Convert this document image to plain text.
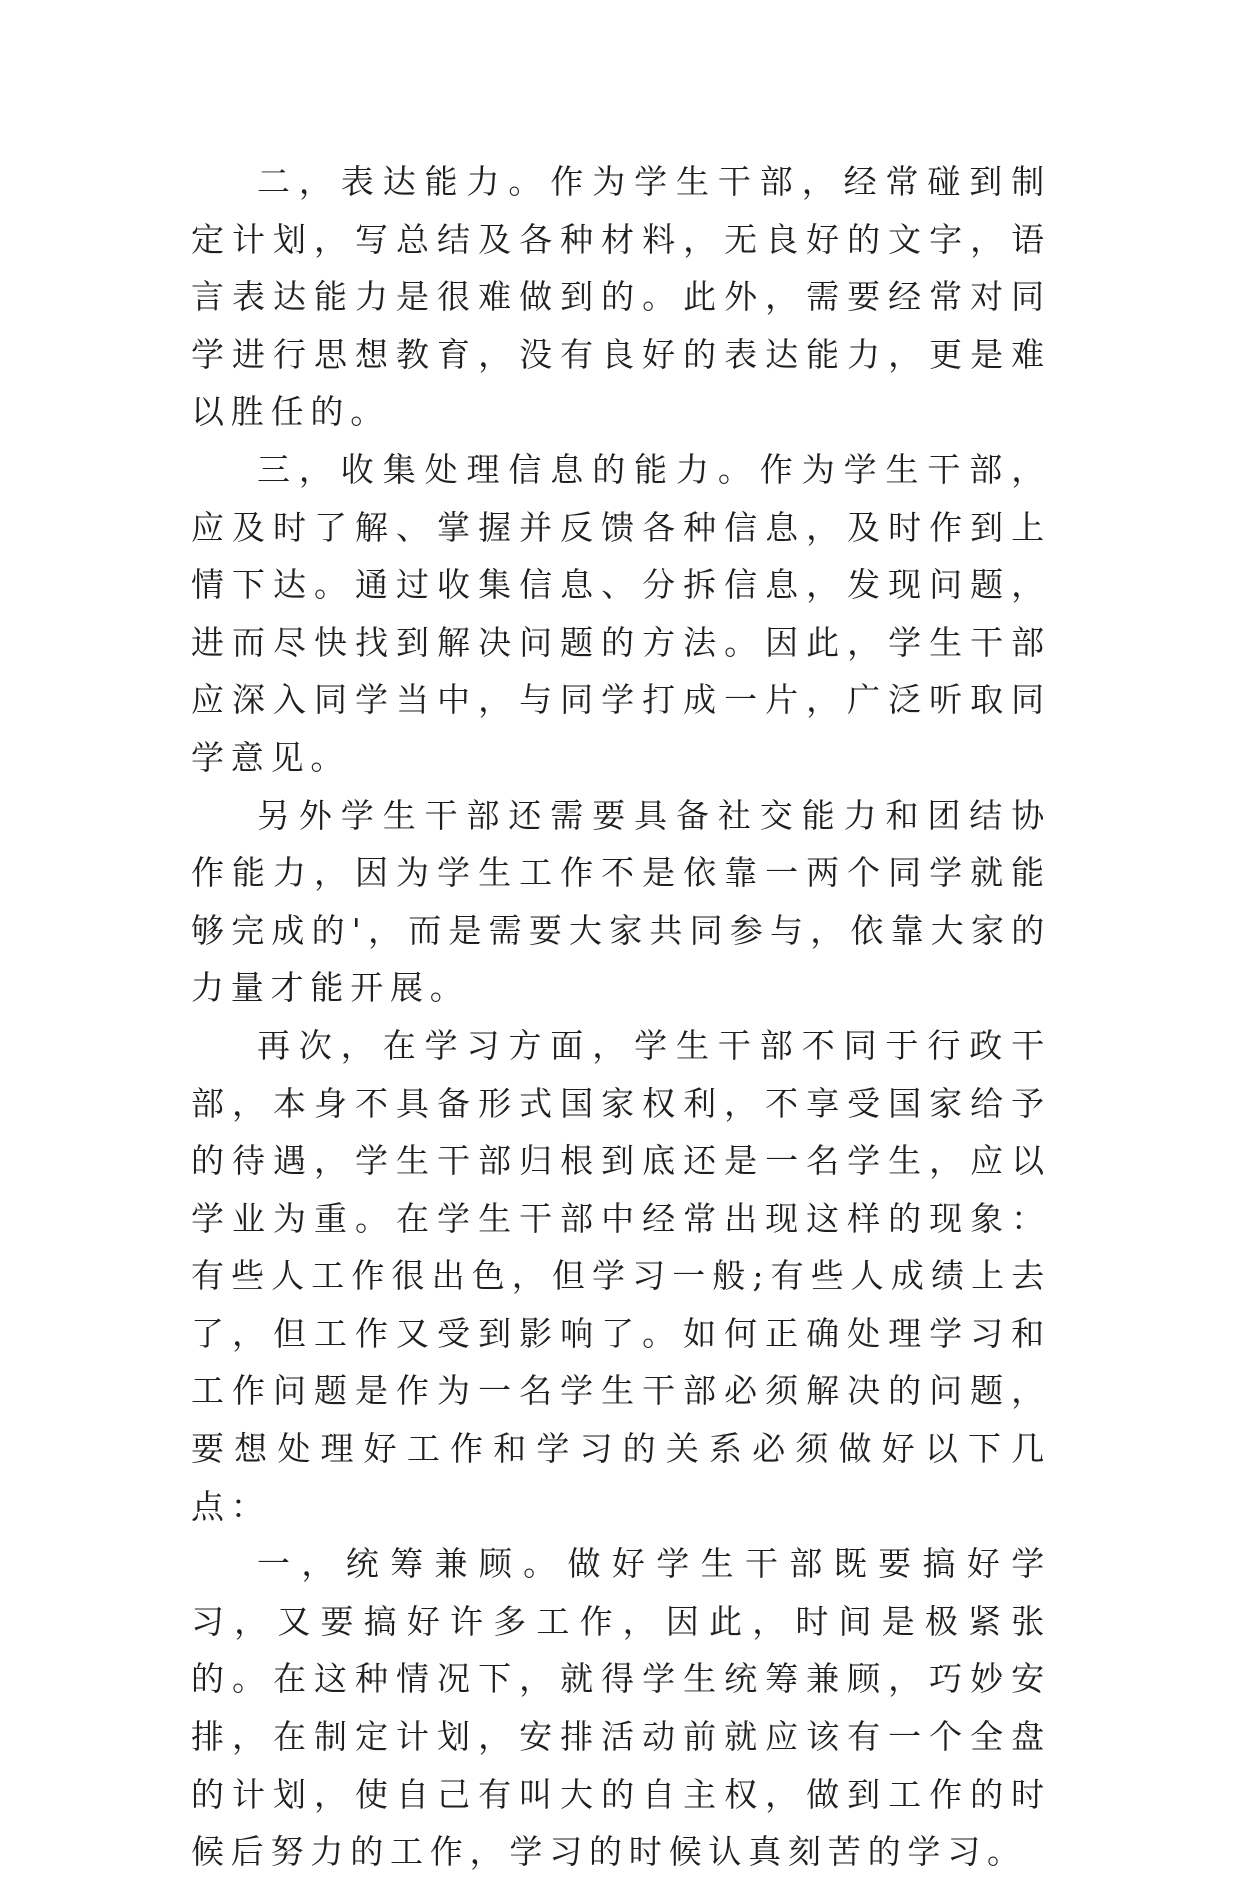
二，表达能力。作为学生干部，经常碰到制定计划，写总结及各种材料，无良好的文字，语言表达能力是很难做到的。此外，需要经常对同学进行思想教育，没有良好的表达能力，更是难以胜任的。

三，收集处理信息的能力。作为学生干部，应及时了解、掌握并反馈各种信息，及时作到上情下达。通过收集信息、分拆信息，发现问题，进而尽快找到解决问题的方法。因此，学生干部应深入同学当中，与同学打成一片，广泛听取同学意见。

另外学生干部还需要具备社交能力和团结协作能力，因为学生工作不是依靠一两个同学就能够完成的'，而是需要大家共同参与，依靠大家的力量才能开展。

再次，在学习方面，学生干部不同于行政干部，本身不具备形式国家权利，不享受国家给予的待遇，学生干部归根到底还是一名学生，应以学业为重。在学生干部中经常出现这样的现象：有些人工作很出色，但学习一般;有些人成绩上去了，但工作又受到影响了。如何正确处理学习和工作问题是作为一名学生干部必须解决的问题，要想处理好工作和学习的关系必须做好以下几点：

一，统筹兼顾。做好学生干部既要搞好学习，又要搞好许多工作，因此，时间是极紧张的。在这种情况下，就得学生统筹兼顾，巧妙安排，在制定计划，安排活动前就应该有一个全盘的计划，使自己有叫大的自主权，做到工作的时候后努力的工作，学习的时候认真刻苦的学习。
